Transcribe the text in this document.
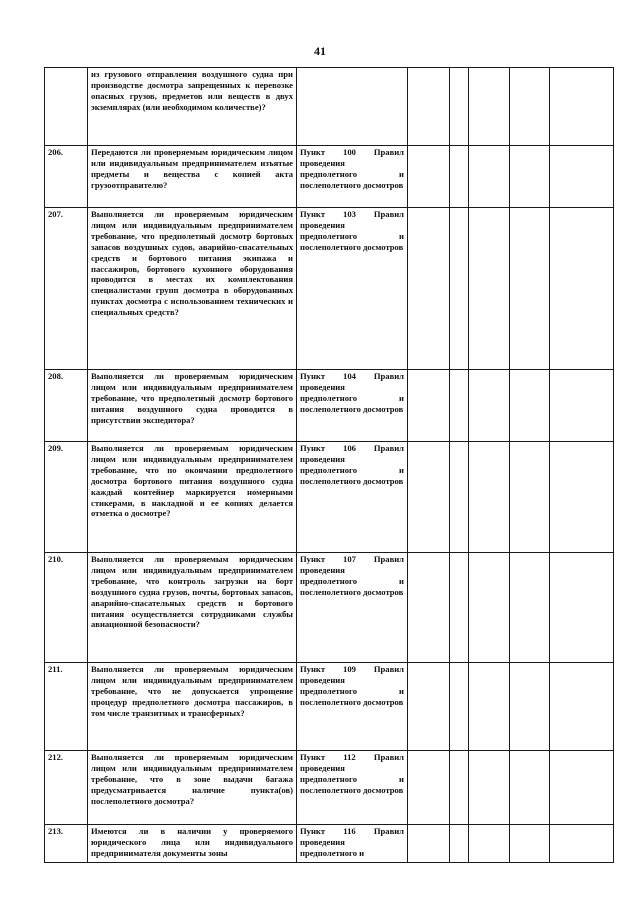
41
	из грузового отправления воздушного судна при производстве досмотра запрещенных к перевозке опасных грузов, предметов или веществ в двух экземплярах (или необходимом количестве)?						
206.	Передаются ли проверяемым юридическим лицом или индивидуальным предпринимателем изъятые предметы и вещества с копией акта грузоотправителю?	Пункт 100 Правил проведения предполетного и послеполетного досмотров					
207.	Выполняется ли проверяемым юридическим лицом или индивидуальным предпринимателем требование, что предполетный досмотр бортовых запасов воздушных судов, аварийно-спасательных средств и бортового питания экипажа и пассажиров, бортового кухонного оборудования проводится в местах их комплектования специалистами групп досмотра в оборудованных пунктах досмотра с использованием технических и специальных средств?	Пункт 103 Правил проведения предполетного и послеполетного досмотров					
208.	Выполняется ли проверяемым юридическим лицом или индивидуальным предпринимателем требование, что предполетный досмотр бортового питания воздушного судна проводится в присутствии экспедитора?	Пункт 104 Правил проведения предполетного и послеполетного досмотров					
209.	Выполняется ли проверяемым юридическим лицом или индивидуальным предпринимателем требование, что по окончании предполетного досмотра бортового питания воздушного судна каждый контейнер маркируется номерными стикерами, в накладной и ее копиях делается отметка о досмотре?	Пункт 106 Правил проведения предполетного и послеполетного досмотров					
210.	Выполняется ли проверяемым юридическим лицом или индивидуальным предпринимателем требование, что контроль загрузки на борт воздушного судна грузов, почты, бортовых запасов, аварийно-спасательных средств и бортового питания осуществляется сотрудниками службы авиационной безопасности?	Пункт 107 Правил проведения предполетного и послеполетного досмотров					
211.	Выполняется ли проверяемым юридическим лицом или индивидуальным предпринимателем требование, что не допускается упрощение процедур предполетного досмотра пассажиров, в том числе транзитных и трансферных?	Пункт 109 Правил проведения предполетного и послеполетного досмотров					
212.	Выполняется ли проверяемым юридическим лицом или индивидуальным предпринимателем требование, что в зоне выдачи багажа предусматривается наличие пункта(ов) послеполетного досмотра?	Пункт 112 Правил проведения предполетного и послеполетного досмотров					
213.	Имеются ли в наличии у проверяемого юридического лица или индивидуального предпринимателя документы зоны	Пункт 116 Правил проведения предполетного и					
